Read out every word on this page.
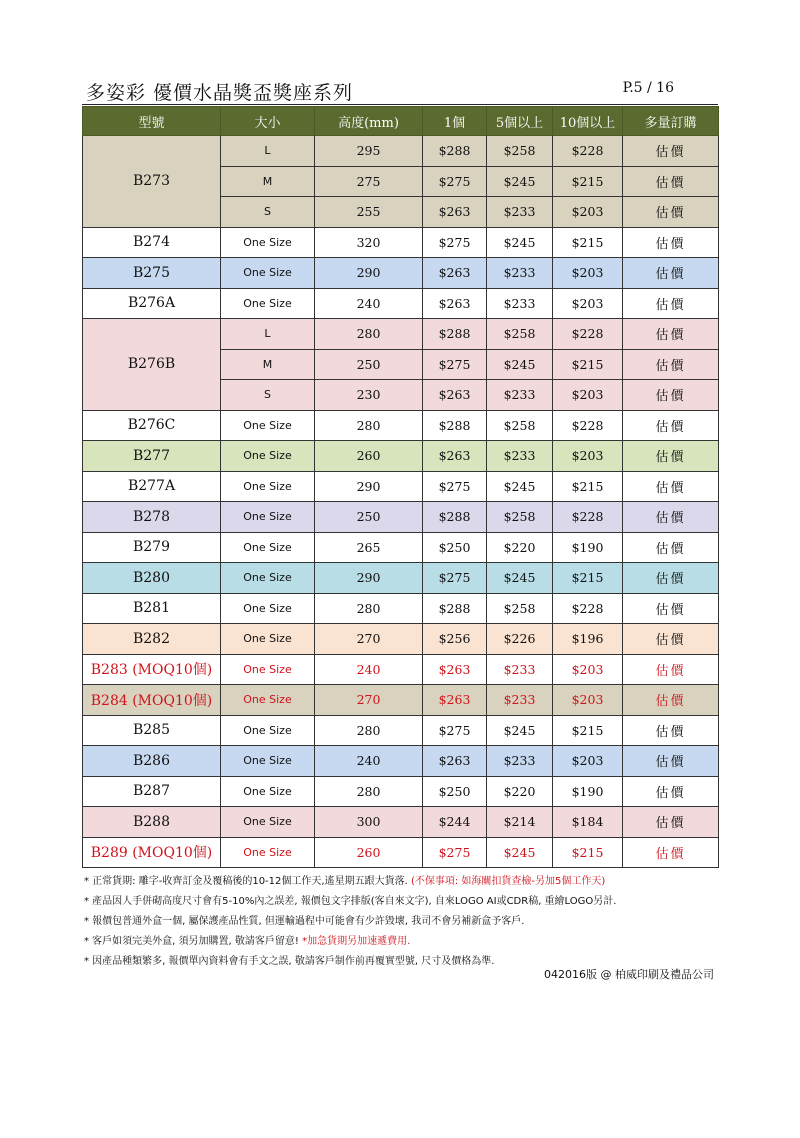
多姿彩 優價水晶獎盃獎座系列	P.5 / 16
型號	大小	高度(mm)	1個	5個以上	10個以上	多量訂購
B273	L	295	$288	$258	$228	估價
	M	275	$275	$245	$215	估價
	S	255	$263	$233	$203	估價
B274	One Size	320	$275	$245	$215	估價
B275	One Size	290	$263	$233	$203	估價
B276A	One Size	240	$263	$233	$203	估價
B276B	L	280	$288	$258	$228	估價
	M	250	$275	$245	$215	估價
	S	230	$263	$233	$203	估價
B276C	One Size	280	$288	$258	$228	估價
B277	One Size	260	$263	$233	$203	估價
B277A	One Size	290	$275	$245	$215	估價
B278	One Size	250	$288	$258	$228	估價
B279	One Size	265	$250	$220	$190	估價
B280	One Size	290	$275	$245	$215	估價
B281	One Size	280	$288	$258	$228	估價
B282	One Size	270	$256	$226	$196	估價
B283 (MOQ10個)	One Size	240	$263	$233	$203	估價
B284 (MOQ10個)	One Size	270	$263	$233	$203	估價
B285	One Size	280	$275	$245	$215	估價
B286	One Size	240	$263	$233	$203	估價
B287	One Size	280	$250	$220	$190	估價
B288	One Size	300	$244	$214	$184	估價
B289 (MOQ10個)	One Size	260	$275	$245	$215	估價
* 正常貨期: 雕字-收齊訂金及覆稿後的10-12個工作天,遙星期五跟大貨落. (不保事項: 如海關扣貨查檢-另加5個工作天)
* 產品因人手併砌高度尺寸會有5-10%內之誤差, 報價包文字排版(客自來文字), 自來LOGO AI或CDR稿, 重繪LOGO另計.
* 報價包普通外盒一個, 屬保護產品性質, 但運輸過程中可能會有少許毀壞, 我司不會另補新盒予客戶.
* 客戶如須完美外盒, 須另加購置, 敬請客戶留意! *加急貨期另加速遞費用.
* 因產品種類繁多, 報價單內資料會有手文之誤, 敬請客戶制作前再覆實型號, 尺寸及價格為準.
042016版 @ 柏威印刷及禮品公司
